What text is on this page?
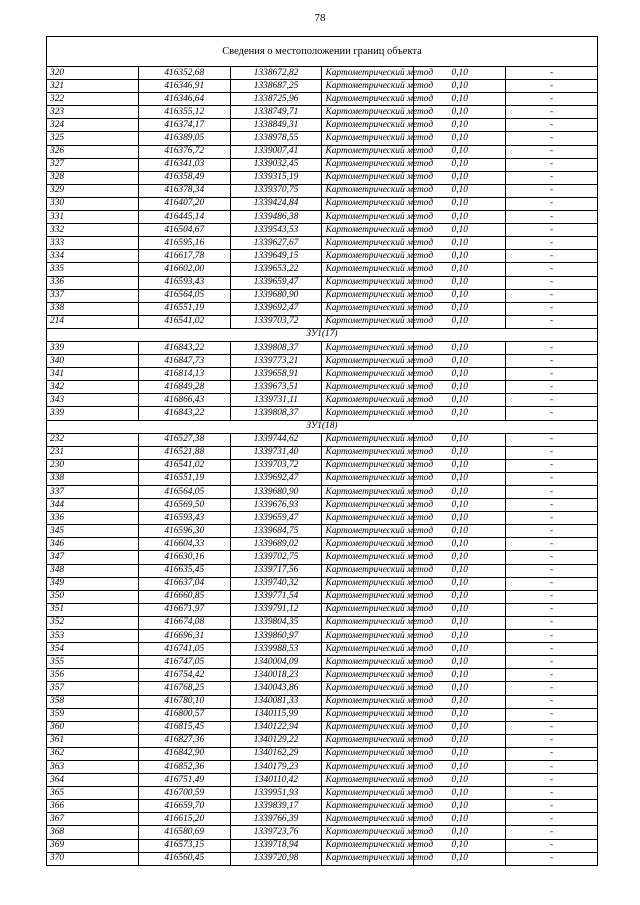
78
Сведения о местоположении границ объекта					
320	416352,68	1338672,82	Картометрический метод	0,10	-
321	416346,91	1338687,25	Картометрический метод	0,10	-
322	416346,64	1338725,96	Картометрический метод	0,10	-
323	416355,12	1338749,71	Картометрический метод	0,10	-
324	416374,17	1338849,31	Картометрический метод	0,10	-
325	416389,05	1338978,55	Картометрический метод	0,10	-
326	416376,72	1339007,41	Картометрический метод	0,10	-
327	416341,03	1339032,45	Картометрический метод	0,10	-
328	416358,49	1339315,19	Картометрический метод	0,10	-
329	416378,34	1339370,75	Картометрический метод	0,10	-
330	416407,20	1339424,84	Картометрический метод	0,10	-
331	416445,14	1339486,38	Картометрический метод	0,10	-
332	416504,67	1339543,53	Картометрический метод	0,10	-
333	416595,16	1339627,67	Картометрический метод	0,10	-
334	416617,78	1339649,15	Картометрический метод	0,10	-
335	416602,00	1339653,22	Картометрический метод	0,10	-
336	416593,43	1339659,47	Картометрический метод	0,10	-
337	416564,05	1339680,90	Картометрический метод	0,10	-
338	416551,19	1339692,47	Картометрический метод	0,10	-
214	416541,02	1339703,72	Картометрический метод	0,10	-
ЗУ1(17)					
339	416843,22	1339808,37	Картометрический метод	0,10	-
340	416847,73	1339773,21	Картометрический метод	0,10	-
341	416814,13	1339658,91	Картометрический метод	0,10	-
342	416849,28	1339673,51	Картометрический метод	0,10	-
343	416866,43	1339731,11	Картометрический метод	0,10	-
339	416843,22	1339808,37	Картометрический метод	0,10	-
ЗУ1(18)					
232	416527,38	1339744,62	Картометрический метод	0,10	-
231	416521,88	1339731,40	Картометрический метод	0,10	-
230	416541,02	1339703,72	Картометрический метод	0,10	-
338	416551,19	1339692,47	Картометрический метод	0,10	-
337	416564,05	1339680,90	Картометрический метод	0,10	-
344	416569,50	1339676,93	Картометрический метод	0,10	-
336	416593,43	1339659,47	Картометрический метод	0,10	-
345	416596,30	1339684,75	Картометрический метод	0,10	-
346	416604,33	1339689,02	Картометрический метод	0,10	-
347	416630,16	1339702,75	Картометрический метод	0,10	-
348	416635,45	1339717,56	Картометрический метод	0,10	-
349	416637,04	1339740,32	Картометрический метод	0,10	-
350	416660,85	1339771,54	Картометрический метод	0,10	-
351	416671,97	1339791,12	Картометрический метод	0,10	-
352	416674,08	1339804,35	Картометрический метод	0,10	-
353	416696,31	1339860,97	Картометрический метод	0,10	-
354	416741,05	1339988,53	Картометрический метод	0,10	-
355	416747,05	1340004,09	Картометрический метод	0,10	-
356	416754,42	1340018,23	Картометрический метод	0,10	-
357	416768,25	1340043,86	Картометрический метод	0,10	-
358	416780,10	1340081,33	Картометрический метод	0,10	-
359	416800,57	1340115,99	Картометрический метод	0,10	-
360	416815,45	1340122,94	Картометрический метод	0,10	-
361	416827,36	1340129,22	Картометрический метод	0,10	-
362	416842,90	1340162,29	Картометрический метод	0,10	-
363	416852,36	1340179,23	Картометрический метод	0,10	-
364	416751,49	1340110,42	Картометрический метод	0,10	-
365	416700,59	1339951,93	Картометрический метод	0,10	-
366	416659,70	1339839,17	Картометрический метод	0,10	-
367	416615,20	1339766,39	Картометрический метод	0,10	-
368	416580,69	1339723,76	Картометрический метод	0,10	-
369	416573,15	1339718,94	Картометрический метод	0,10	-
370	416560,45	1339720,98	Картометрический метод	0,10	-
